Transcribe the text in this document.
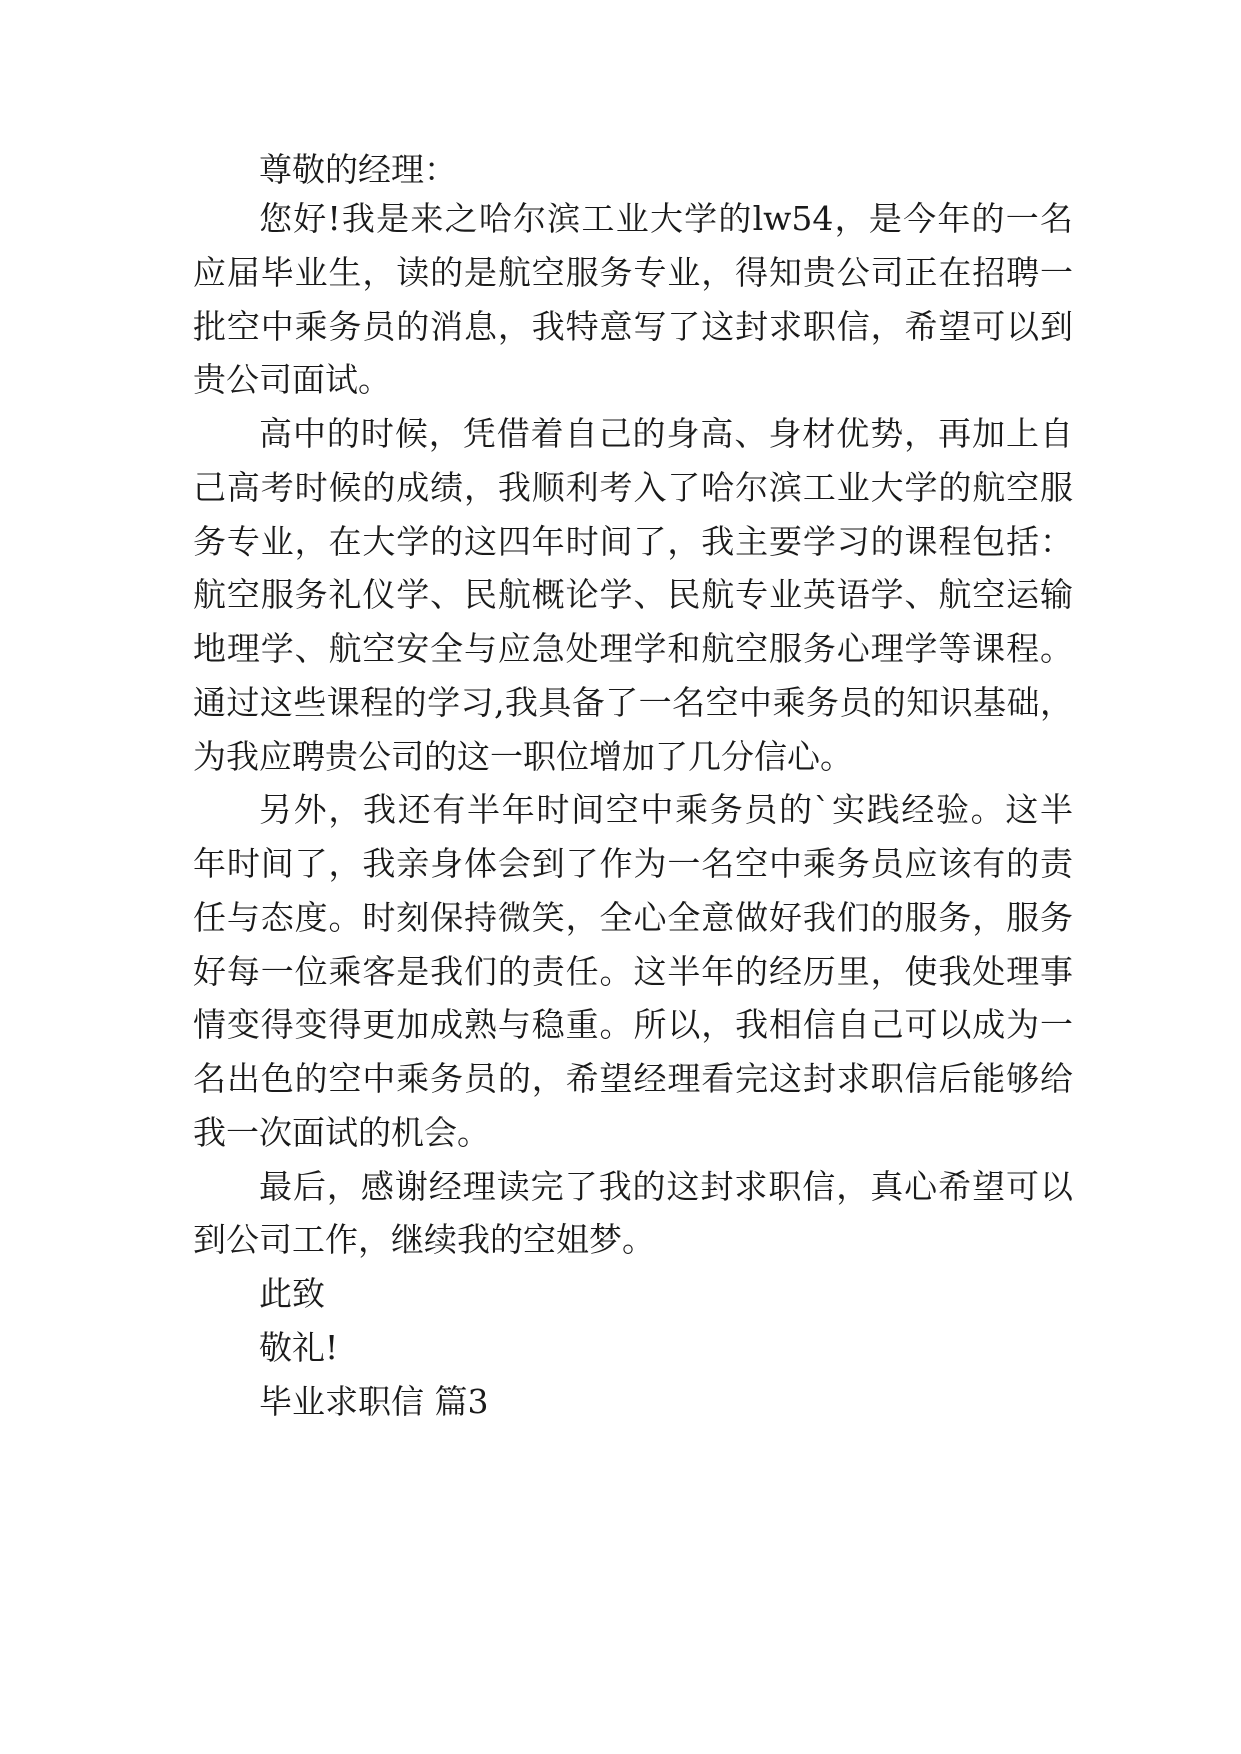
尊敬的经理：
您好!我是来之哈尔滨工业大学的lw54，是今年的一名
应届毕业生，读的是航空服务专业，得知贵公司正在招聘一
批空中乘务员的消息，我特意写了这封求职信，希望可以到
贵公司面试。
高中的时候，凭借着自己的身高、身材优势，再加上自
己高考时候的成绩，我顺利考入了哈尔滨工业大学的航空服
务专业，在大学的这四年时间了，我主要学习的课程包括：
航空服务礼仪学、民航概论学、民航专业英语学、航空运输
地理学、航空安全与应急处理学和航空服务心理学等课程。
通过这些课程的学习,我具备了一名空中乘务员的知识基础，
为我应聘贵公司的这一职位增加了几分信心。
另外，我还有半年时间空中乘务员的`实践经验。这半
年时间了，我亲身体会到了作为一名空中乘务员应该有的责
任与态度。时刻保持微笑，全心全意做好我们的服务，服务
好每一位乘客是我们的责任。这半年的经历里，使我处理事
情变得变得更加成熟与稳重。所以，我相信自己可以成为一
名出色的空中乘务员的，希望经理看完这封求职信后能够给
我一次面试的机会。
最后，感谢经理读完了我的这封求职信，真心希望可以
到公司工作，继续我的空姐梦。
此致
敬礼!
毕业求职信 篇3
